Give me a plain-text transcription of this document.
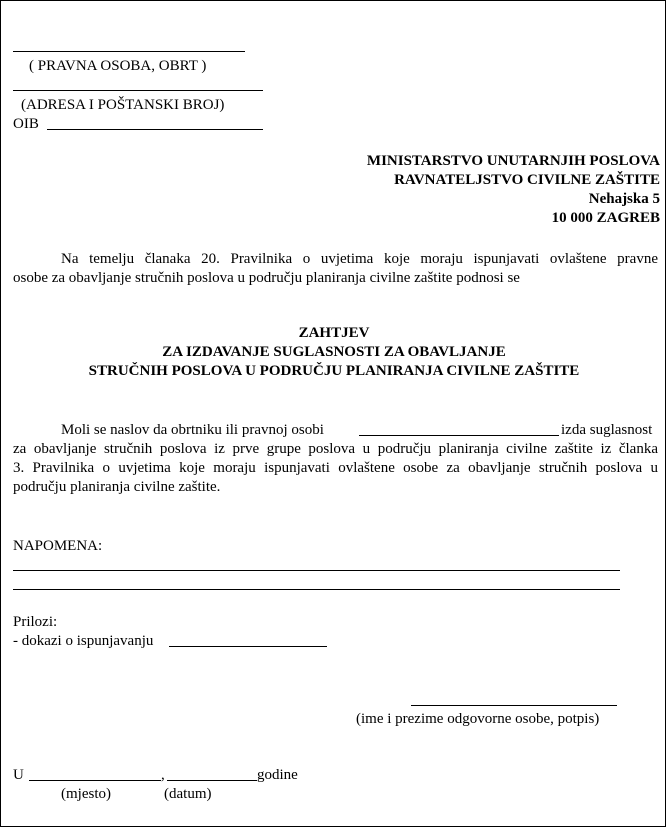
( PRAVNA OSOBA, OBRT )
(ADRESA I POŠTANSKI BROJ)
OIB
MINISTARSTVO UNUTARNJIH POSLOVA
RAVNATELJSTVO CIVILNE ZAŠTITE
Nehajska 5
10 000 ZAGREB
Na temelju članaka 20. Pravilnika o uvjetima koje moraju ispunjavati ovlaštene pravne
osobe za obavljanje stručnih poslova u području planiranja civilne zaštite podnosi se
ZAHTJEV
ZA IZDAVANJE SUGLASNOSTI ZA OBAVLJANJE
STRUČNIH POSLOVA U PODRUČJU PLANIRANJA CIVILNE ZAŠTITE
Moli se naslov da obrtniku ili pravnoj osobi	izda suglasnost
za obavljanje stručnih poslova iz prve grupe poslova u području planiranja civilne zaštite iz članka
3. Pravilnika o uvjetima koje moraju ispunjavati ovlaštene osobe za obavljanje stručnih poslova u
području planiranja civilne zaštite.
NAPOMENA:
Prilozi:
- dokazi o ispunjavanju
(ime i prezime odgovorne osobe, potpis)
U	,	godine
(mjesto)	(datum)
